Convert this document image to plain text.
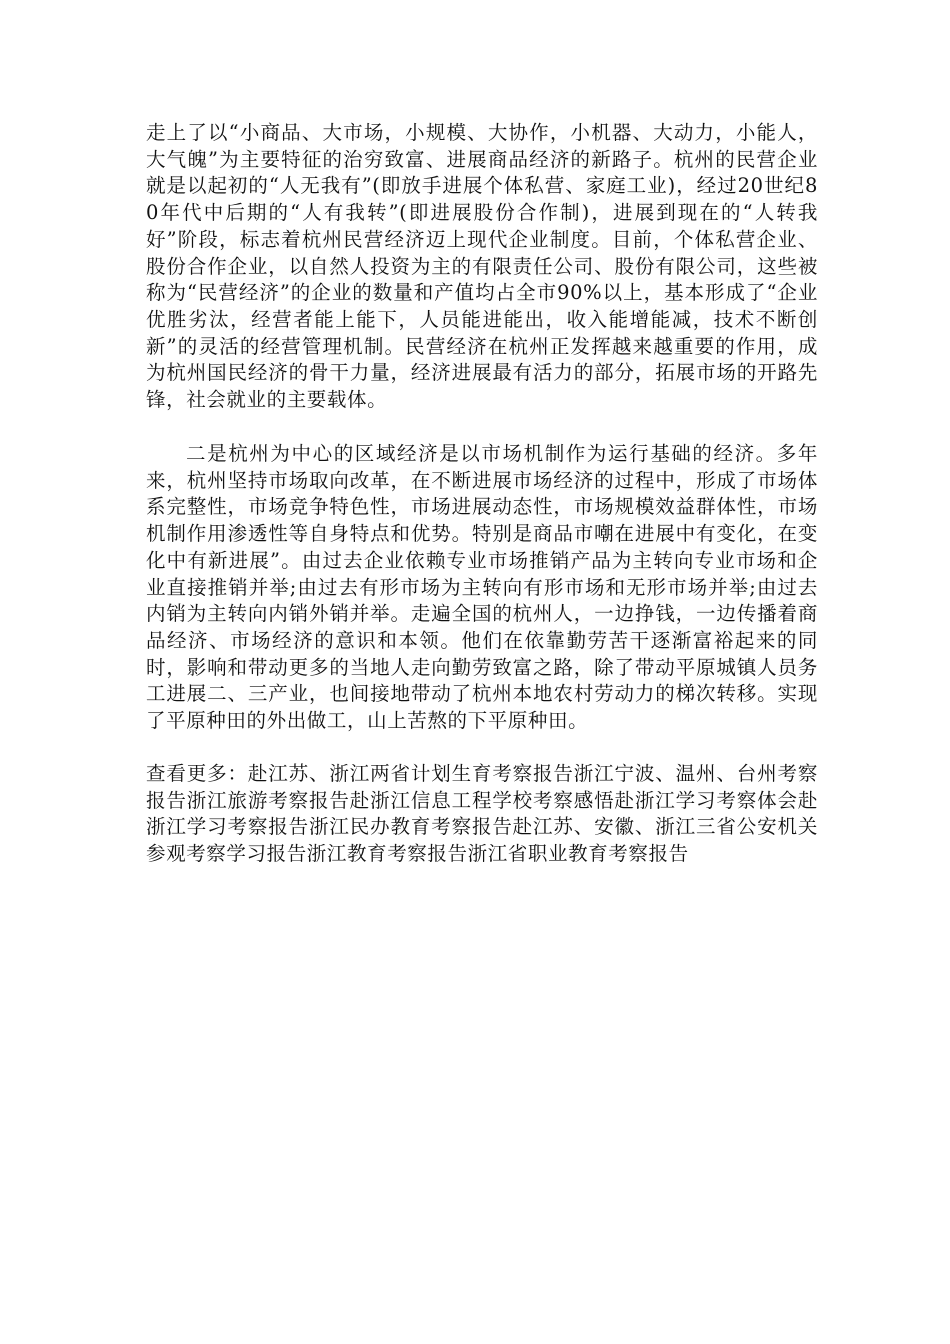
走上了以“小商品、大市场，小规模、大协作，小机器、大动力，小能人，大气魄”为主要特征的治穷致富、进展商品经济的新路子。杭州的民营企业就是以起初的“人无我有”(即放手进展个体私营、家庭工业)，经过20世纪80年代中后期的“人有我转”(即进展股份合作制)，进展到现在的“人转我好”阶段，标志着杭州民营经济迈上现代企业制度。目前，个体私营企业、股份合作企业，以自然人投资为主的有限责任公司、股份有限公司，这些被称为“民营经济”的企业的数量和产值均占全市90%以上，基本形成了“企业优胜劣汰，经营者能上能下，人员能进能出，收入能增能减，技术不断创新”的灵活的经营管理机制。民营经济在杭州正发挥越来越重要的作用，成为杭州国民经济的骨干力量，经济进展最有活力的部分，拓展市场的开路先锋，社会就业的主要载体。

二是杭州为中心的区域经济是以市场机制作为运行基础的经济。多年来，杭州坚持市场取向改革，在不断进展市场经济的过程中，形成了市场体系完整性，市场竞争特色性，市场进展动态性，市场规模效益群体性，市场机制作用渗透性等自身特点和优势。特别是商品市嘲在进展中有变化，在变化中有新进展”。由过去企业依赖专业市场推销产品为主转向专业市场和企业直接推销并举;由过去有形市场为主转向有形市场和无形市场并举;由过去内销为主转向内销外销并举。走遍全国的杭州人，一边挣钱，一边传播着商品经济、市场经济的意识和本领。他们在依靠勤劳苦干逐渐富裕起来的同时，影响和带动更多的当地人走向勤劳致富之路，除了带动平原城镇人员务工进展二、三产业，也间接地带动了杭州本地农村劳动力的梯次转移。实现了平原种田的外出做工，山上苦熬的下平原种田。

查看更多：赴江苏、浙江两省计划生育考察报告浙江宁波、温州、台州考察报告浙江旅游考察报告赴浙江信息工程学校考察感悟赴浙江学习考察体会赴浙江学习考察报告浙江民办教育考察报告赴江苏、安徽、浙江三省公安机关参观考察学习报告浙江教育考察报告浙江省职业教育考察报告
